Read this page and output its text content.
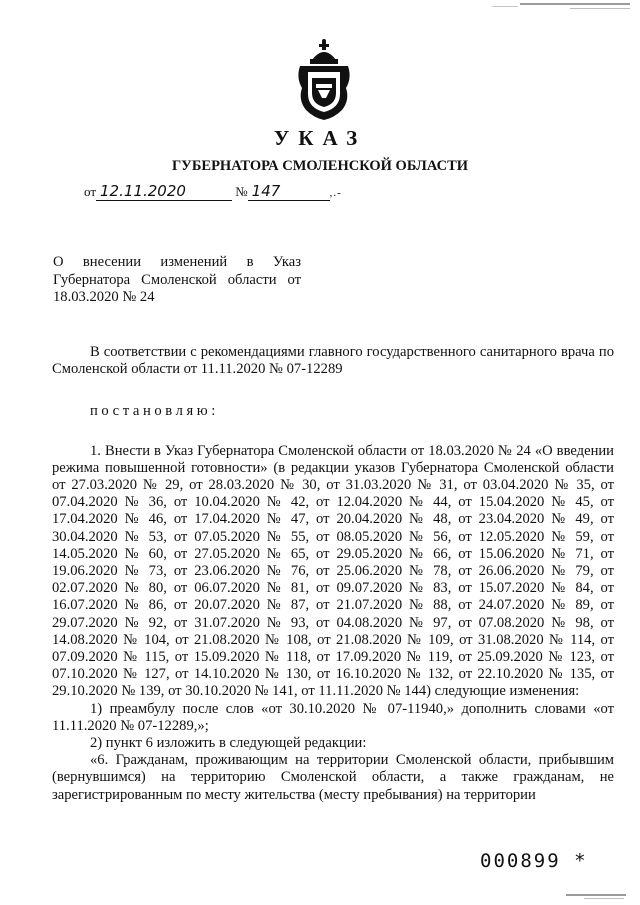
УКАЗ
ГУБЕРНАТОРА СМОЛЕНСКОЙ ОБЛАСТИ
от 12.11.2020	№ 147	,.-
О внесении изменений в Указ Губернатора Смоленской области от 18.03.2020 № 24

В соответствии с рекомендациями главного государственного санитарного врача по Смоленской области от 11.11.2020 № 07-12289

постановляю:

1. Внести в Указ Губернатора Смоленской области от 18.03.2020 № 24 «О введении режима повышенной готовности» (в редакции указов Губернатора Смоленской области от 27.03.2020 № 29, от 28.03.2020 № 30, от 31.03.2020 № 31, от 03.04.2020 № 35, от 07.04.2020 № 36, от 10.04.2020 № 42, от 12.04.2020 № 44, от 15.04.2020 № 45, от 17.04.2020 № 46, от 17.04.2020 № 47, от 20.04.2020 № 48, от 23.04.2020 № 49, от 30.04.2020 № 53, от 07.05.2020 № 55, от 08.05.2020 № 56, от 12.05.2020 № 59, от 14.05.2020 № 60, от 27.05.2020 № 65, от 29.05.2020 № 66, от 15.06.2020 № 71, от 19.06.2020 № 73, от 23.06.2020 № 76, от 25.06.2020 № 78, от 26.06.2020 № 79, от 02.07.2020 № 80, от 06.07.2020 № 81, от 09.07.2020 № 83, от 15.07.2020 № 84, от 16.07.2020 № 86, от 20.07.2020 № 87, от 21.07.2020 № 88, от 24.07.2020 № 89, от 29.07.2020 № 92, от 31.07.2020 № 93, от 04.08.2020 № 97, от 07.08.2020 № 98, от 14.08.2020 № 104, от 21.08.2020 № 108, от 21.08.2020 № 109, от 31.08.2020 № 114, от 07.09.2020 № 115, от 15.09.2020 № 118, от 17.09.2020 № 119, от 25.09.2020 № 123, от 07.10.2020 № 127, от 14.10.2020 № 130, от 16.10.2020 № 132, от 22.10.2020 № 135, от 29.10.2020 № 139, от 30.10.2020 № 141, от 11.11.2020 № 144) следующие изменения:

1) преамбулу после слов «от 30.10.2020 № 07-11940,» дополнить словами «от 11.11.2020 № 07-12289,»;

2) пункт 6 изложить в следующей редакции:

«6. Гражданам, проживающим на территории Смоленской области, прибывшим (вернувшимся) на территорию Смоленской области, а также гражданам, не зарегистрированным по месту жительства (месту пребывания) на территории

000899 *
